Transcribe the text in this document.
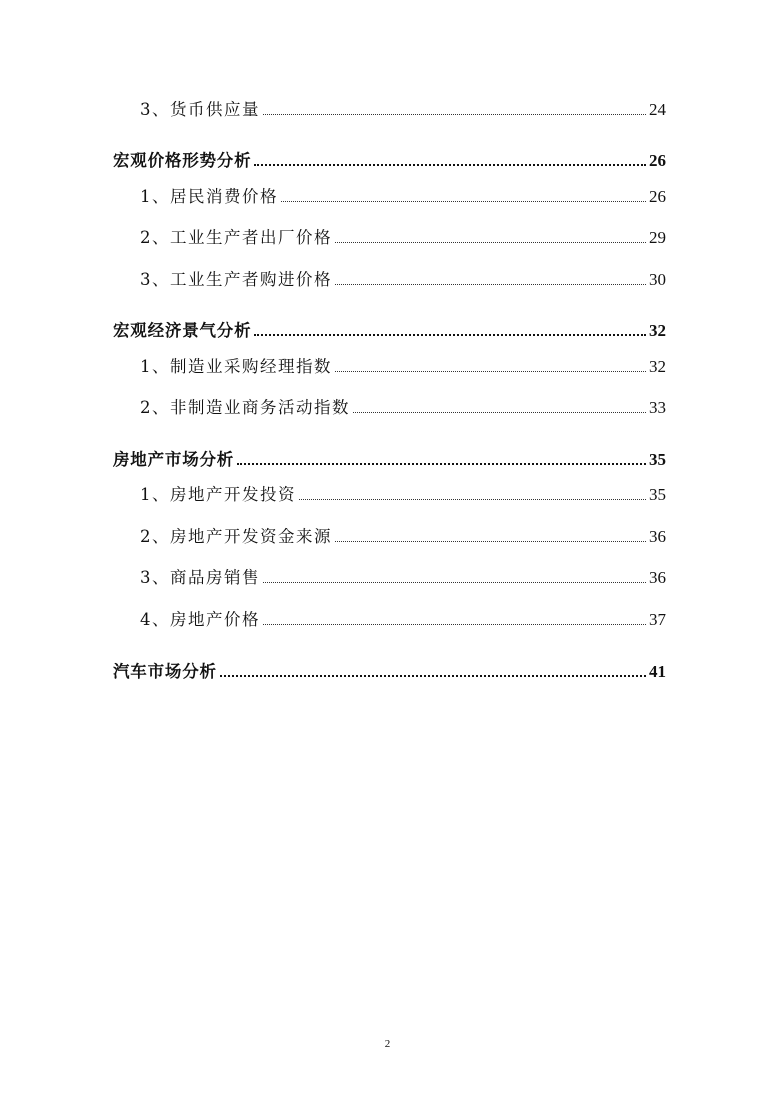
3、货币供应量	24
宏观价格形势分析	26
1、居民消费价格	26
2、工业生产者出厂价格	29
3、工业生产者购进价格	30
宏观经济景气分析	32
1、制造业采购经理指数	32
2、非制造业商务活动指数	33
房地产市场分析	35
1、房地产开发投资	35
2、房地产开发资金来源	36
3、商品房销售	36
4、房地产价格	37
汽车市场分析	41
2
